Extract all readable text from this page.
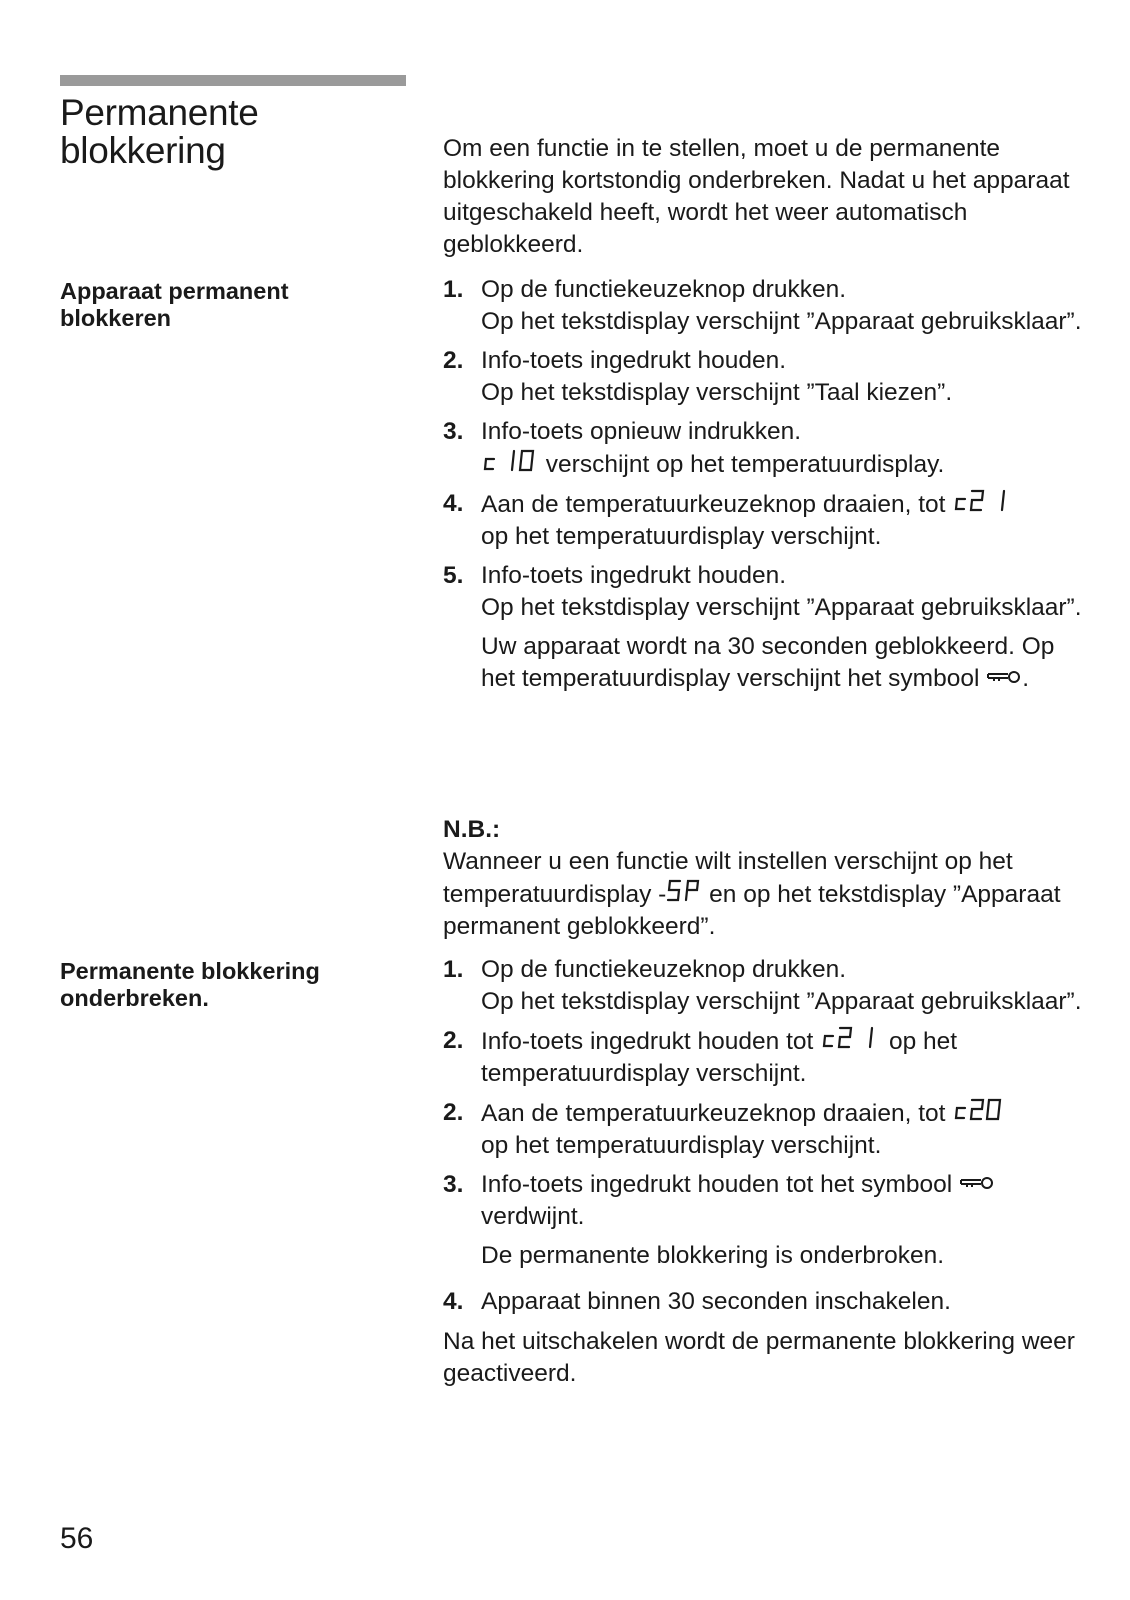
Permanente
blokkering	Om een functie in te stellen, moet u de permanente blokkering kortstondig onderbreken. Nadat u het apparaat uitgeschakeld heeft, wordt het weer automatisch geblokkeerd.

Apparaat permanent
blokkeren
1. Op de functiekeuzeknop drukken.
Op het tekstdisplay verschijnt ”Apparaat gebruiksklaar”.
2. Info-toets ingedrukt houden.
Op het tekstdisplay verschijnt ”Taal kiezen”.
3. Info-toets opnieuw indrukken.

verschijnt op het temperatuurdisplay.
4. Aan de temperatuurkeuzeknop draaien, tot

op het temperatuurdisplay verschijnt.
5. Info-toets ingedrukt houden.
Op het tekstdisplay verschijnt ”Apparaat gebruiksklaar”.
Uw apparaat wordt na 30 seconden geblokkeerd. Op het temperatuurdisplay verschijnt het symbool .

N.B.:

Wanneer u een functie wilt instellen verschijnt op het temperatuurdisplay -
en op het tekstdisplay ”Apparaat permanent geblokkeerd”.

Permanente blokkering
onderbreken.
1. Op de functiekeuzeknop drukken.
Op het tekstdisplay verschijnt ”Apparaat gebruiksklaar”.
2. Info-toets ingedrukt houden tot	op het temperatuurdisplay verschijnt.
2. Aan de temperatuurkeuzeknop draaien, tot

op het temperatuurdisplay verschijnt.
3. Info-toets ingedrukt houden tot het symbool
verdwijnt.
De permanente blokkering is onderbroken.
4. Apparaat binnen 30 seconden inschakelen.

Na het uitschakelen wordt de permanente blokkering weer geactiveerd.

56
